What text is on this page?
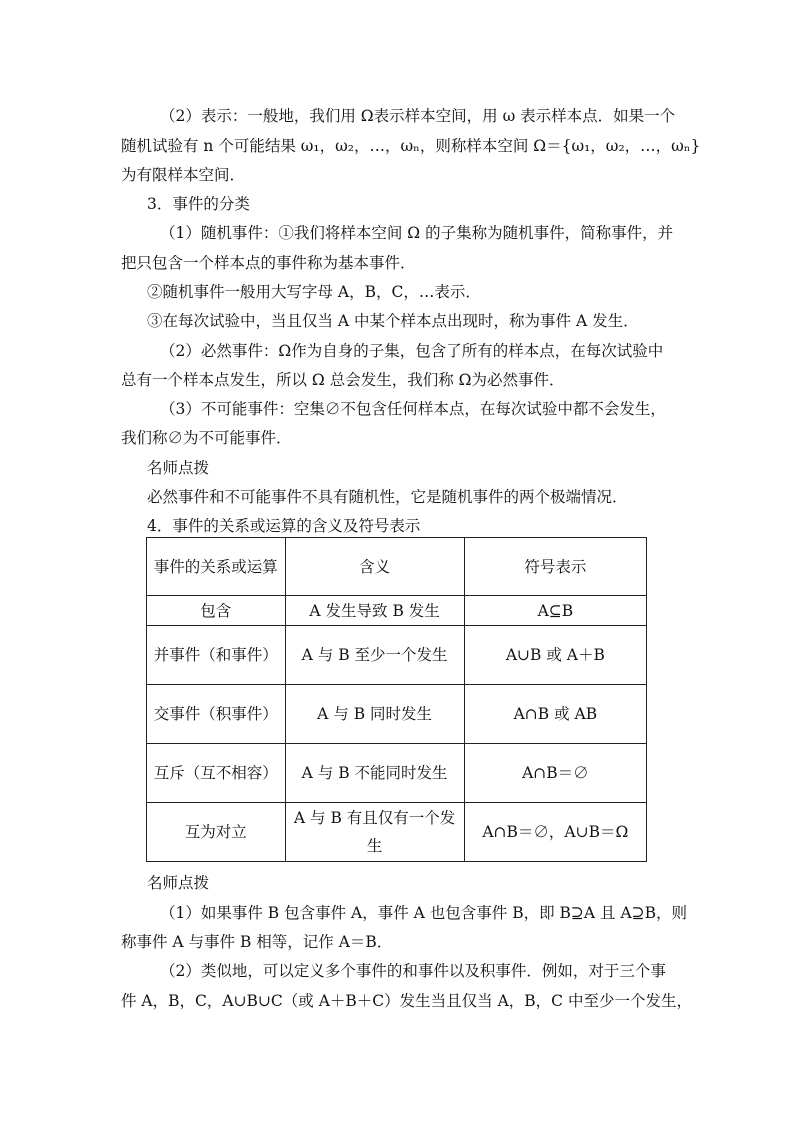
（2）表示：一般地，我们用 Ω表示样本空间，用 ω 表示样本点．如果一个
随机试验有 n 个可能结果 ω₁，ω₂，…，ωₙ，则称样本空间 Ω＝{ω₁，ω₂，…，ωₙ}
为有限样本空间．
3．事件的分类
（1）随机事件：①我们将样本空间 Ω 的子集称为随机事件，简称事件，并
把只包含一个样本点的事件称为基本事件．
②随机事件一般用大写字母 A，B，C，…表示．
③在每次试验中，当且仅当 A 中某个样本点出现时，称为事件 A 发生．
（2）必然事件：Ω作为自身的子集，包含了所有的样本点，在每次试验中
总有一个样本点发生，所以 Ω 总会发生，我们称 Ω为必然事件．
（3）不可能事件：空集∅不包含任何样本点，在每次试验中都不会发生，
我们称∅为不可能事件．
名师点拨
必然事件和不可能事件不具有随机性，它是随机事件的两个极端情况．
4．事件的关系或运算的含义及符号表示
事件的关系或运算	含义	符号表示
包含	A 发生导致 B 发生	A⊆B
并事件（和事件）	A 与 B 至少一个发生	A∪B 或 A＋B
交事件（积事件）	A 与 B 同时发生	A∩B 或 AB
互斥（互不相容）	A 与 B 不能同时发生	A∩B＝∅
互为对立	A 与 B 有且仅有一个发生	A∩B＝∅，A∪B＝Ω
名师点拨
（1）如果事件 B 包含事件 A，事件 A 也包含事件 B，即 B⊇A 且 A⊇B，则
称事件 A 与事件 B 相等，记作 A＝B．
（2）类似地，可以定义多个事件的和事件以及积事件．例如，对于三个事
件 A，B，C，A∪B∪C（或 A＋B＋C）发生当且仅当 A，B，C 中至少一个发生，
